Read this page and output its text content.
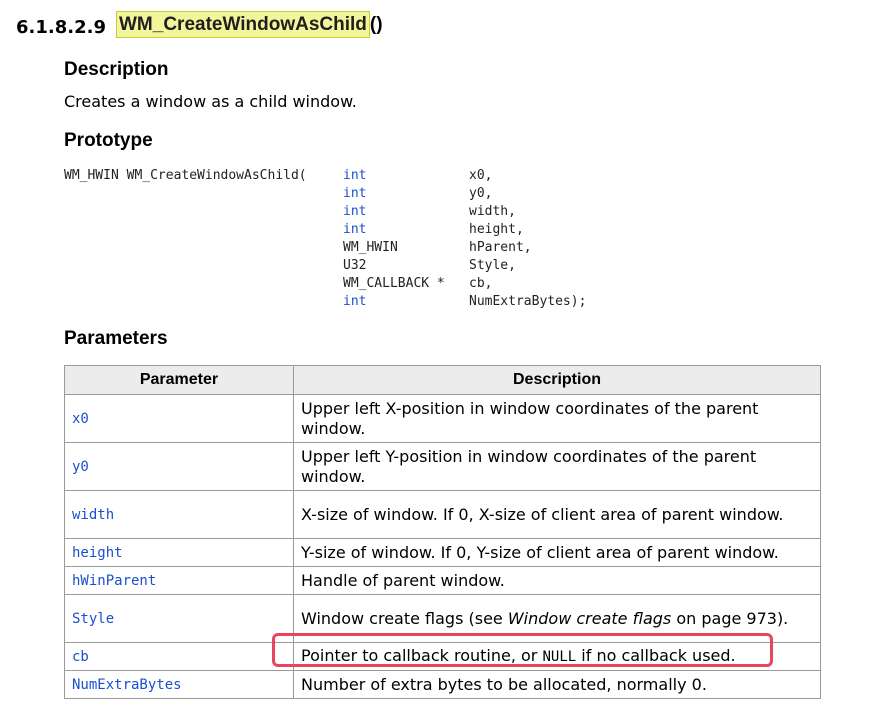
6.1.8.2.9 WM_CreateWindowAsChild ()
Description
Creates a window as a child window.
Prototype
WM_HWIN WM_CreateWindowAsChild(	int	x0,
int	y0,
int	width,
int	height,
WM_HWIN	hParent,
U32	Style,
WM_CALLBACK * cb,
int	NumExtraBytes);
Parameters
Parameter	Description
x0	Upper left X-position in window coordinates of the parent window.
y0	Upper left Y-position in window coordinates of the parent window.
width	X-size of window. If 0, X-size of client area of parent window.
height	Y-size of window. If 0, Y-size of client area of parent window.
hWinParent	Handle of parent window.
Style	Window create flags (see Window create flags on page 973).
cb	Pointer to callback routine, or NULL if no callback used.
NumExtraBytes	Number of extra bytes to be allocated, normally 0.
